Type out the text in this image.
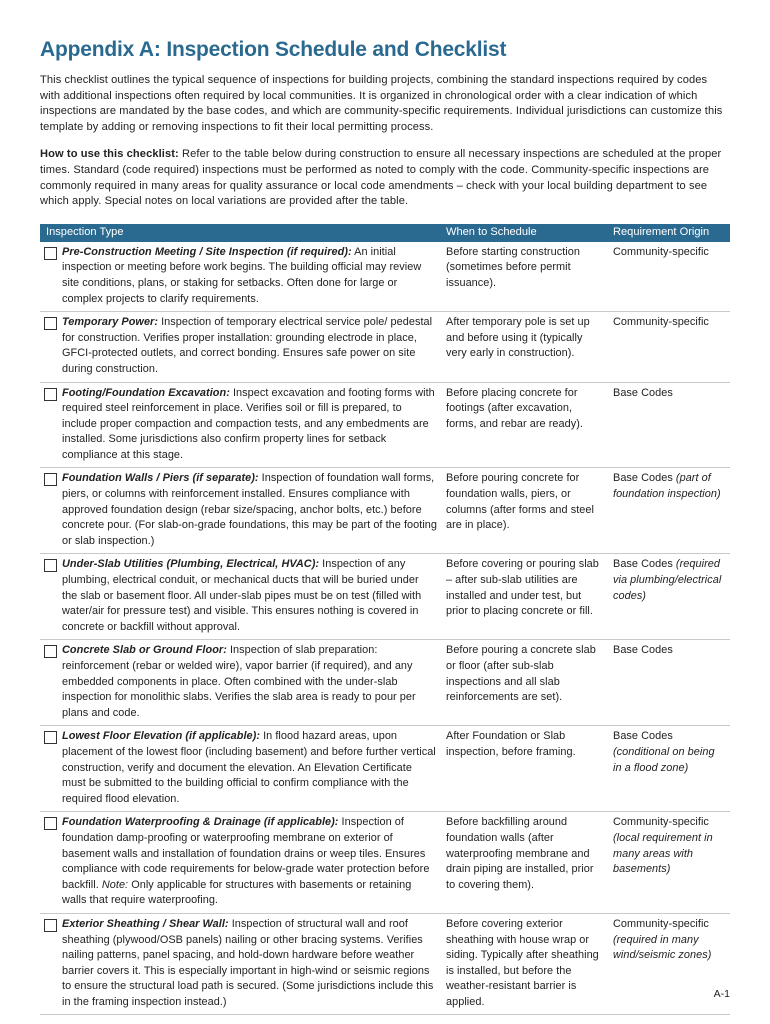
Appendix A: Inspection Schedule and Checklist

This checklist outlines the typical sequence of inspections for building projects, combining the standard inspections required by codes with additional inspections often required by local communities. It is organized in chronological order with a clear indication of which inspections are mandated by the base codes, and which are community-specific requirements. Individual jurisdictions can customize this template by adding or removing inspections to fit their local permitting process.

How to use this checklist: Refer to the table below during construction to ensure all necessary inspections are scheduled at the proper times. Standard (code required) inspections must be performed as noted to comply with the code. Community-specific inspections are commonly required in many areas for quality assurance or local code amendments – check with your local building department to see which apply. Special notes on local variations are provided after the table.

Inspection Type	When to Schedule	Requirement Origin

Pre-Construction Meeting / Site Inspection (if required): An initial inspection or meeting before work begins. The building official may review site conditions, plans, or staking for setbacks. Often done for large or complex projects to clarify requirements.	Before starting construction (sometimes before permit issuance).	Community-specific

Temporary Power: Inspection of temporary electrical service pole/ pedestal for construction. Verifies proper installation: grounding electrode in place, GFCI-protected outlets, and correct bonding. Ensures safe power on site during construction.	After temporary pole is set up and before using it (typically very early in construction).	Community-specific

Footing/Foundation Excavation: Inspect excavation and footing forms with required steel reinforcement in place. Verifies soil or fill is prepared, to include proper compaction and compaction tests, and any embedments are installed. Some jurisdictions also confirm property lines for setback compliance at this stage.	Before placing concrete for footings (after excavation, forms, and rebar are ready).	Base Codes

Foundation Walls / Piers (if separate): Inspection of foundation wall forms, piers, or columns with reinforcement installed. Ensures compliance with approved foundation design (rebar size/spacing, anchor bolts, etc.) before concrete pour. (For slab-on-grade foundations, this may be part of the footing or slab inspection.)	Before pouring concrete for foundation walls, piers, or columns (after forms and steel are in place).	Base Codes (part of foundation inspection)

Under-Slab Utilities (Plumbing, Electrical, HVAC): Inspection of any plumbing, electrical conduit, or mechanical ducts that will be buried under the slab or basement floor. All under-slab pipes must be on test (filled with water/air for pressure test) and visible. This ensures nothing is covered in concrete or backfill without approval.	Before covering or pouring slab – after sub-slab utilities are installed and under test, but prior to placing concrete or fill.	Base Codes (required via plumbing/electrical codes)

Concrete Slab or Ground Floor: Inspection of slab preparation: reinforcement (rebar or welded wire), vapor barrier (if required), and any embedded components in place. Often combined with the under-slab inspection for monolithic slabs. Verifies the slab area is ready to pour per plans and code.	Before pouring a concrete slab or floor (after sub-slab inspections and all slab reinforcements are set).	Base Codes

Lowest Floor Elevation (if applicable): In flood hazard areas, upon placement of the lowest floor (including basement) and before further vertical construction, verify and document the elevation. An Elevation Certificate must be submitted to the building official to confirm compliance with the required flood elevation.	After Foundation or Slab inspection, before framing.	Base Codes (conditional on being in a flood zone)

Foundation Waterproofing & Drainage (if applicable): Inspection of foundation damp-proofing or waterproofing membrane on exterior of basement walls and installation of foundation drains or weep tiles. Ensures compliance with code requirements for below-grade water protection before backfill. Note: Only applicable for structures with basements or retaining walls that require waterproofing.	Before backfilling around foundation walls (after waterproofing membrane and drain piping are installed, prior to covering them).	Community-specific (local requirement in many areas with basements)

Exterior Sheathing / Shear Wall: Inspection of structural wall and roof sheathing (plywood/OSB panels) nailing or other bracing systems. Verifies nailing patterns, panel spacing, and hold-down hardware before weather barrier covers it. This is especially important in high-wind or seismic regions to ensure the structural load path is secured. (Some jurisdictions include this in the framing inspection instead.)	Before covering exterior sheathing with house wrap or siding. Typically after sheathing is installed, but before the weather-resistant barrier is applied.	Community-specific (required in many wind/seismic zones)
A-1
